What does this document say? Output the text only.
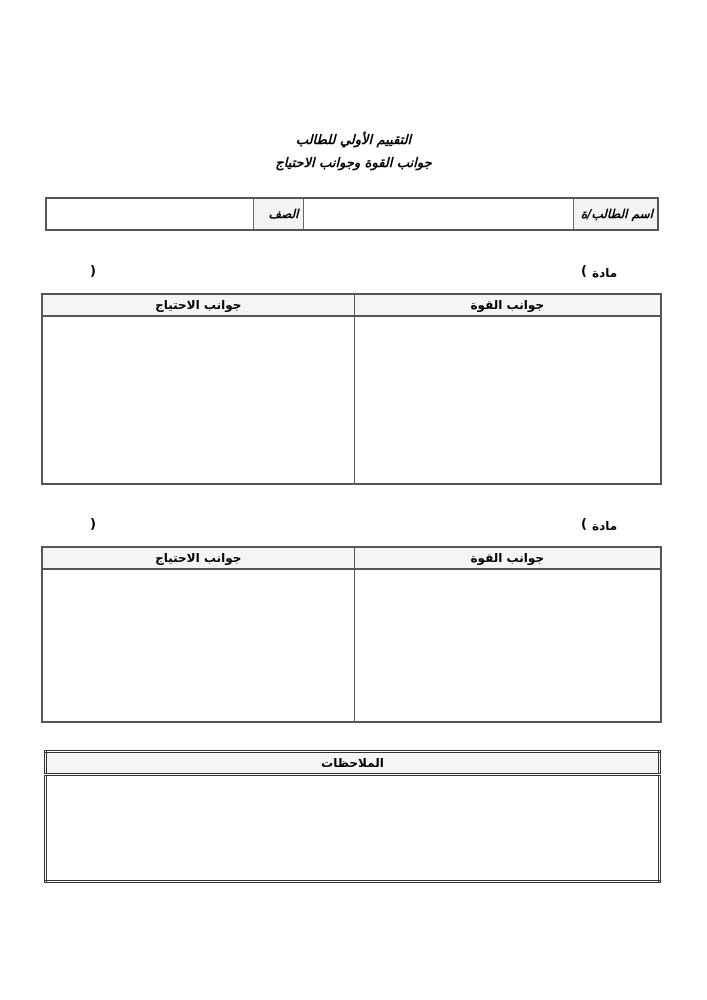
التقييم الأولي للطالب
جوانب القوة وجوانب الاحتياج
اسم الطالب/ة		الصف	
مادة
(
)
جوانب القوة	جوانب الاحتياج

مادة
(
)
جوانب القوة	جوانب الاحتياج

الملاحظات
